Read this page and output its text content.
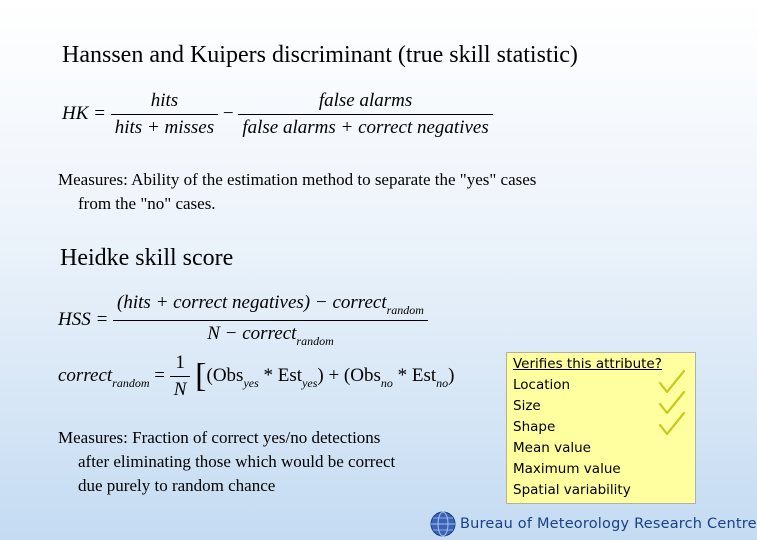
Hanssen and Kuipers discriminant (true skill statistic)
HK = $\frac{\text{hits}}{\text{hits + misses}} - \frac{\text{false alarms}}{\text{false alarms + correct negatives}}$
Measures: Ability of the estimation method to separate the "yes" cases
from the "no" cases.
Heidke skill score
HSS = $\frac{(hits + correct negatives) - correct_{random}}{N - correct_{random}}$
correct$_{random}$ = $\frac{1}{N} [(Obs_{yes} * Est_{yes}) + (Obs_{no} * Est_{no})$
Measures: Fraction of correct yes/no detections
after eliminating those which would be correct
due purely to random chance
Verifies this attribute?
Location
Size
Shape
Mean value
Maximum value
Spatial variability
Bureau of Meteorology Research Centre
